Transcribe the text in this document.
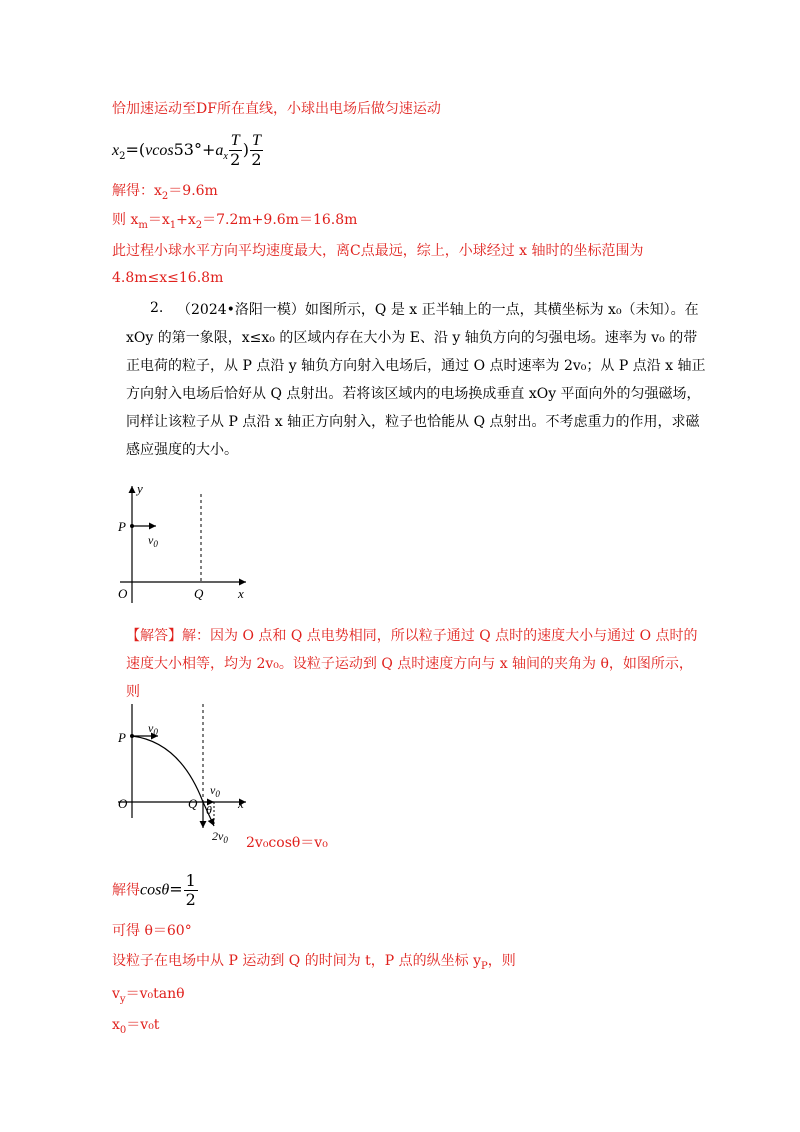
恰加速运动至DF所在直线，小球出电场后做匀速运动
$x_2=(vcos53^\circ+a_x \frac{T}{2}$ ) $\frac{T}{2}$
解得：$x_2=9.6m$
则 $x_m=x_1+x_2=7.2m+9.6m=16.8m$
此过程小球水平方向平均速度最大，离C点最远，综上，小球经过 x 轴时的坐标范围为
4.8m≤x≤16.8m
2. （2024•洛阳一模）如图所示，Q 是 x 正半轴上的一点，其横坐标为 x₀（未知）。在 xOy 的第一象限，x≤x₀ 的区域内存在大小为 E、沿 y 轴负方向的匀强电场。速率为 v₀ 的带正电荷的粒子，从 P 点沿 y 轴负方向射入电场后，通过 O 点时速率为 2v₀；从 P 点沿 x 轴正方向射入电场后恰好从 Q 点射出。若将该区域内的电场换成垂直 xOy 平面向外的匀强磁场，同样让该粒子从 P 点沿 x 轴正方向射入，粒子也恰能从 Q 点射出。不考虑重力的作用，求磁感应强度的大小。
y
P
$v_0$
O	Q	x
【解答】解：因为 O 点和 Q 点电势相同，所以粒子通过 Q 点时的速度大小与通过 O 点时的速度大小相等，均为 2v₀。设粒子运动到 Q 点时速度方向与 x 轴间的夹角为 θ，如图所示，则
$v_0$
P
O	Q	x
θ
$v_0$
$2v_0$ 2v₀cosθ＝v₀
解得$\cos\theta= \frac{1}{2}$
可得 θ＝60°
设粒子在电场中从 P 运动到 Q 的时间为 t，P 点的纵坐标 $y_P$，则
$v_y=v_0\tan\theta$
$x_0=v_0t$
